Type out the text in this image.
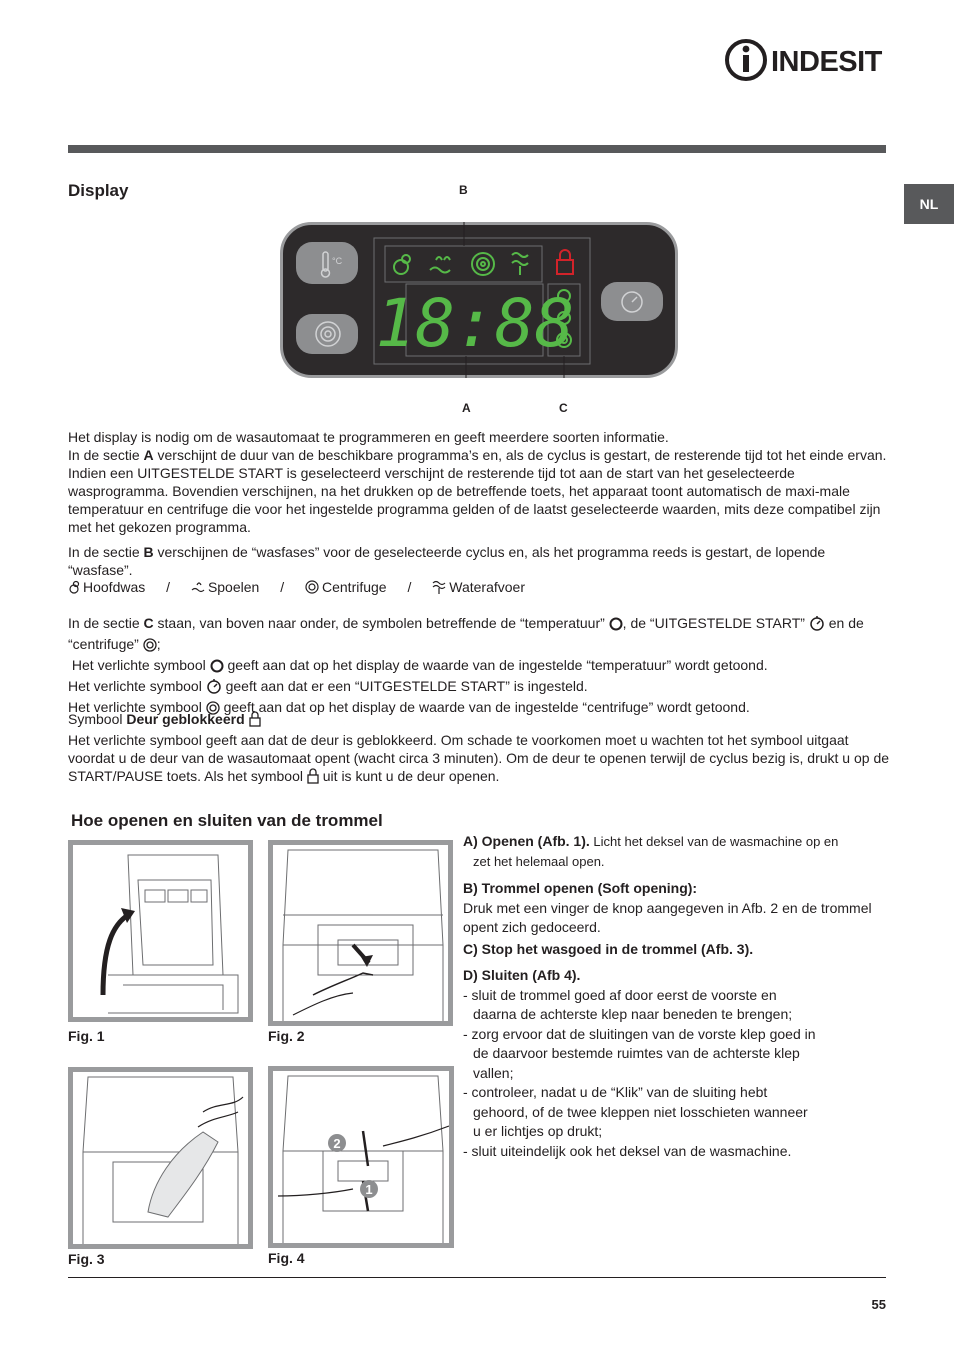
INDESIT
NL
Display	B
°C
18:88
A	C

Het display is nodig om de wasautomaat te programmeren en geeft meerdere soorten informatie.

In de sectie A verschijnt de duur van de beschikbare programma’s en, als de cyclus is gestart, de resterende tijd tot het einde ervan. Indien een UITGESTELDE START is geselecteerd verschijnt de resterende tijd tot aan de start van het geselecteerde wasprogramma. Bovendien verschijnen, na het drukken op de betreffende toets, het apparaat toont automatisch de maxi-male temperatuur en centrifuge die voor het ingestelde programma gelden of de laatst geselecteerde waarden, mits deze compatibel zijn met het gekozen programma.

In de sectie B verschijnen de “wasfases” voor de geselecteerde cyclus en, als het programma reeds is gestart, de lopende “wasfase”.

Hoofdwas /	Spoelen /	Centrifuge /	Waterafvoer

In de sectie C staan, van boven naar onder, de symbolen betreffende de “temperatuur” , de “UITGESTELDE START”  en de “centrifuge” ;

Het verlichte symbool  geeft aan dat op het display de waarde van de ingestelde “temperatuur” wordt getoond.

Het verlichte symbool  geeft aan dat er een “UITGESTELDE START” is ingesteld.

Het verlichte symbool  geeft aan dat op het display de waarde van de ingestelde “centrifuge” wordt getoond.

Symbool Deur geblokkeerd

Het verlichte symbool geeft aan dat de deur is geblokkeerd. Om schade te voorkomen moet u wachten tot het symbool uitgaat voordat u de deur van de wasautomaat opent (wacht circa 3 minuten). Om de deur te openen terwijl de cyclus bezig is, drukt u op de START/PAUSE toets. Als het symbool  uit is kunt u de deur openen.

Hoe openen en sluiten van de trommel
Fig. 1	Fig. 2
Fig. 3
2
1
Fig. 4

A) Openen (Afb. 1). Licht het deksel van de wasmachine op en

zet het helemaal open.

B) Trommel openen (Soft opening):

Druk met een vinger de knop aangegeven in Afb. 2 en de trommel opent zich gedoceerd.

C) Stop het wasgoed in de trommel (Afb. 3).

D) Sluiten (Afb 4).

- sluit de trommel goed af door eerst de voorste en

daarna de achterste klep naar beneden te brengen;

- zorg ervoor dat de sluitingen van de vorste klep goed in

de daarvoor bestemde ruimtes van de achterste klep

vallen;

- controleer, nadat u de “Klik” van de sluiting hebt

gehoord, of de twee kleppen niet losschieten wanneer

u er lichtjes op drukt;

- sluit uiteindelijk ook het deksel van de wasmachine.

55
